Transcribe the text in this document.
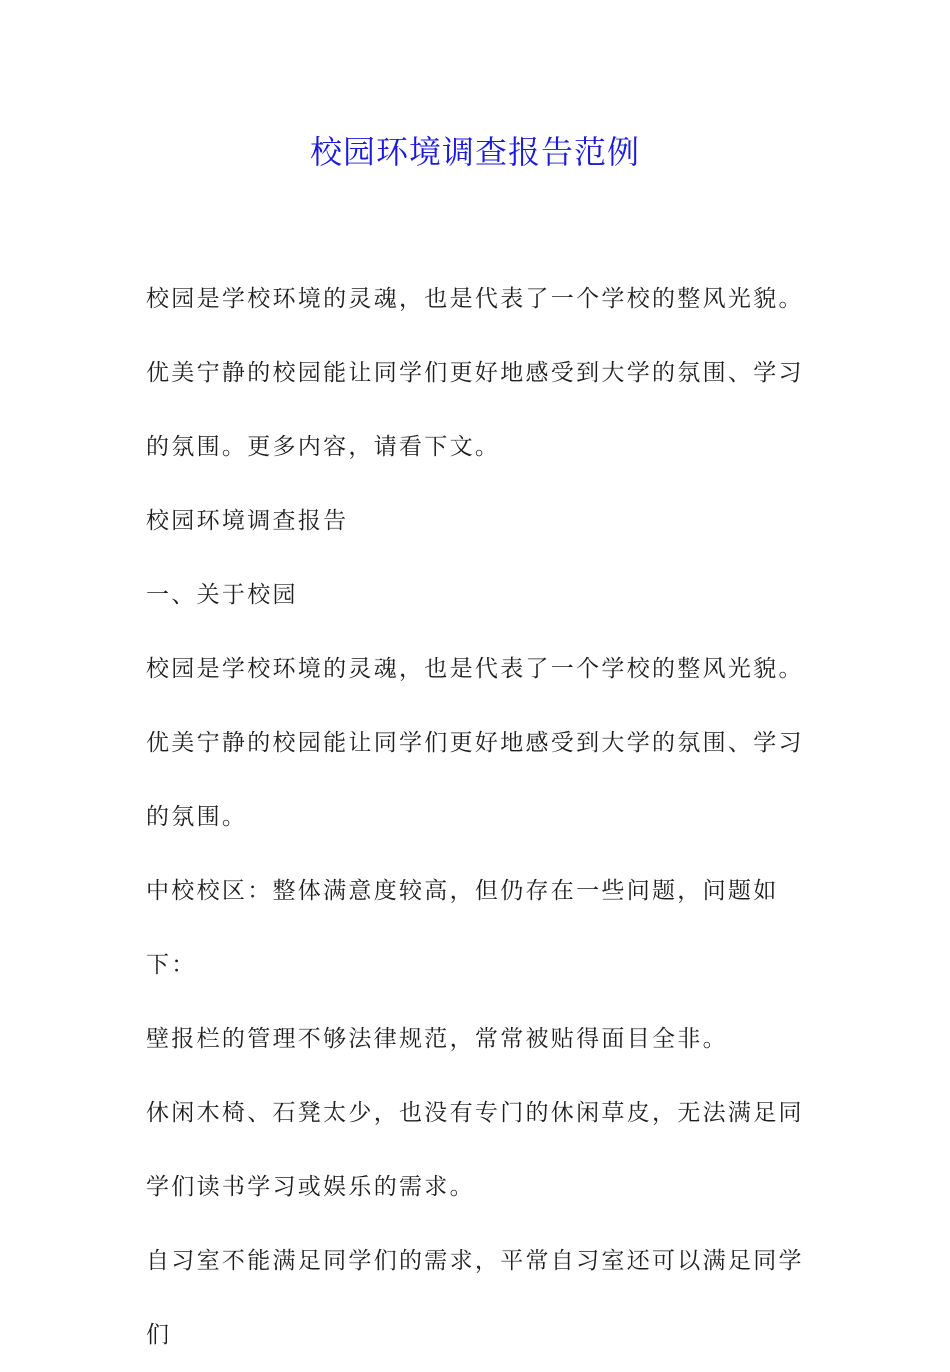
校园环境调查报告范例

校园是学校环境的灵魂，也是代表了一个学校的整风光貌。优美宁静的校园能让同学们更好地感受到大学的氛围、学习的氛围。更多内容，请看下文。

校园环境调查报告

一、关于校园

校园是学校环境的灵魂，也是代表了一个学校的整风光貌。优美宁静的校园能让同学们更好地感受到大学的氛围、学习的氛围。

中校校区：整体满意度较高，但仍存在一些问题，问题如下：

壁报栏的管理不够法律规范，常常被贴得面目全非。

休闲木椅、石凳太少，也没有专门的休闲草皮，无法满足同学们读书学习或娱乐的需求。

自习室不能满足同学们的需求，平常自习室还可以满足同学们
